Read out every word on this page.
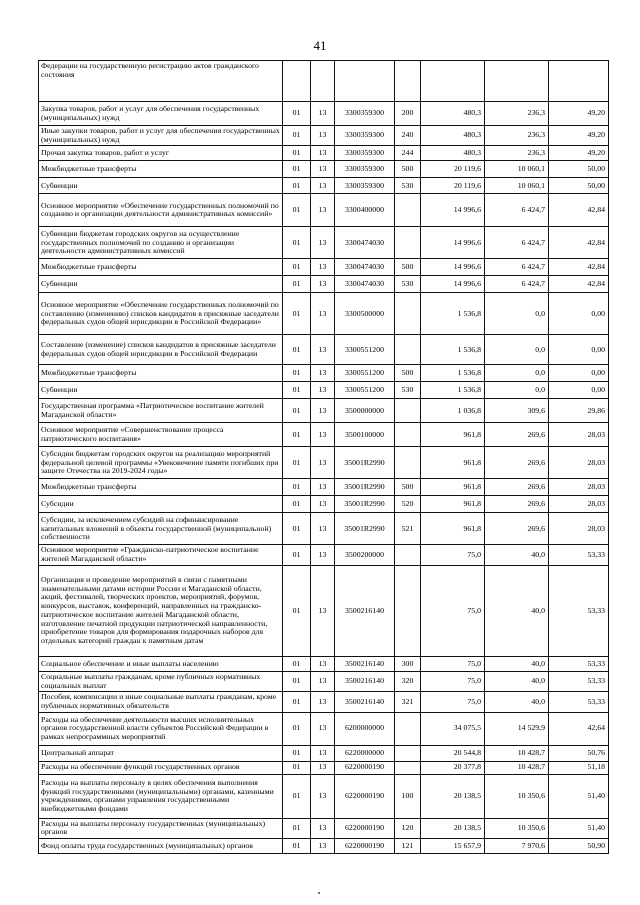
41
Федерации на государственную регистрацию актов гражданского состояния							
Закупка товаров, работ и услуг для обеспечения государственных (муниципальных) нужд	01	13	3300359300	200	480,3	236,3	49,20
Иные закупки товаров, работ и услуг для обеспечения государственных (муниципальных) нужд	01	13	3300359300	240	480,3	236,3	49,20
Прочая закупка товаров, работ и услуг	01	13	3300359300	244	480,3	236,3	49,20
Межбюджетные трансферты	01	13	3300359300	500	20 119,6	10 060,1	50,00
Субвенции	01	13	3300359300	530	20 119,6	10 060,1	50,00
Основное мероприятие «Обеспечение государственных полномочий по созданию и организации деятельности административных комиссий»	01	13	3300400000		14 996,6	6 424,7	42,84
Субвенции бюджетам городских округов на осуществление государственных полномочий по созданию и организации деятельности административных комиссий	01	13	3300474030		14 996,6	6 424,7	42,84
Межбюджетные трансферты	01	13	3300474030	500	14 996,6	6 424,7	42,84
Субвенции	01	13	3300474030	530	14 996,6	6 424,7	42,84
Основное мероприятие «Обеспечение государственных полномочий по составлению (изменению) списков кандидатов в присяжные заседатели федеральных судов общей юрисдикции в Российской Федерации»	01	13	3300500000		1 536,8	0,0	0,00
Составление (изменение) списков кандидатов в присяжные заседатели федеральных судов общей юрисдикции в Российской Федерации	01	13	3300551200		1 536,8	0,0	0,00
Межбюджетные трансферты	01	13	3300551200	500	1 536,8	0,0	0,00
Субвенции	01	13	3300551200	530	1 536,8	0,0	0,00
Государственная программа «Патриотическое воспитание жителей Магаданской области»	01	13	3500000000		1 036,8	309,6	29,86
Основное мероприятие «Совершенствование процесса патриотического воспитания»	01	13	3500100000		961,8	269,6	28,03
Субсидии бюджетам городских округов на реализацию мероприятий федеральной целевой программы «Увековечение памяти погибших при защите Отечества на 2019-2024 годы»	01	13	35001R2990		961,8	269,6	28,03
Межбюджетные трансферты	01	13	35001R2990	500	961,8	269,6	28,03
Субсидии	01	13	35001R2990	520	961,8	269,6	28,03
Субсидии, за исключением субсидий на софинансирование капитальных вложений в объекты государственной (муниципальной) собственности	01	13	35001R2990	521	961,8	269,6	28,03
Основное мероприятие «Гражданско-патриотическое воспитание жителей Магаданской области»	01	13	3500200000		75,0	40,0	53,33
Организация и проведение мероприятий в связи с памятными знаменательными датами истории России и Магаданской области, акций, фестивалей, творческих проектов, мероприятий, форумов, конкурсов, выставок, конференций, направленных на гражданско-патриотическое воспитание жителей Магаданской области, изготовление печатной продукции патриотической направленности, приобретение товаров для формирования подарочных наборов для отдельных категорий граждан к памятным датам	01	13	3500216140		75,0	40,0	53,33
Социальное обеспечение и иные выплаты населению	01	13	3500216140	300	75,0	40,0	53,33
Социальные выплаты гражданам, кроме публичных нормативных социальных выплат	01	13	3500216140	320	75,0	40,0	53,33
Пособия, компенсации и иные социальные выплаты гражданам, кроме публичных нормативных обязательств	01	13	3500216140	321	75,0	40,0	53,33
Расходы на обеспечение деятельности высших исполнительных органов государственной власти субъектов Российской Федерации в рамках непрограммных мероприятий	01	13	6200000000		34 075,5	14 529,9	42,64
Центральный аппарат	01	13	6220000000		20 544,8	10 428,7	50,76
Расходы на обеспечение функций государственных органов	01	13	6220000190		20 377,8	10 428,7	51,18
Расходы на выплаты персоналу в целях обеспечения выполнения функций государственными (муниципальными) органами, казенными учреждениями, органами управления государственными внебюджетными фондами	01	13	6220000190	100	20 138,5	10 350,6	51,40
Расходы на выплаты персоналу государственных (муниципальных) органов	01	13	6220000190	120	20 138,5	10 350,6	51,40
Фонд оплаты труда государственных (муниципальных) органов	01	13	6220000190	121	15 657,9	7 970,6	50,90
